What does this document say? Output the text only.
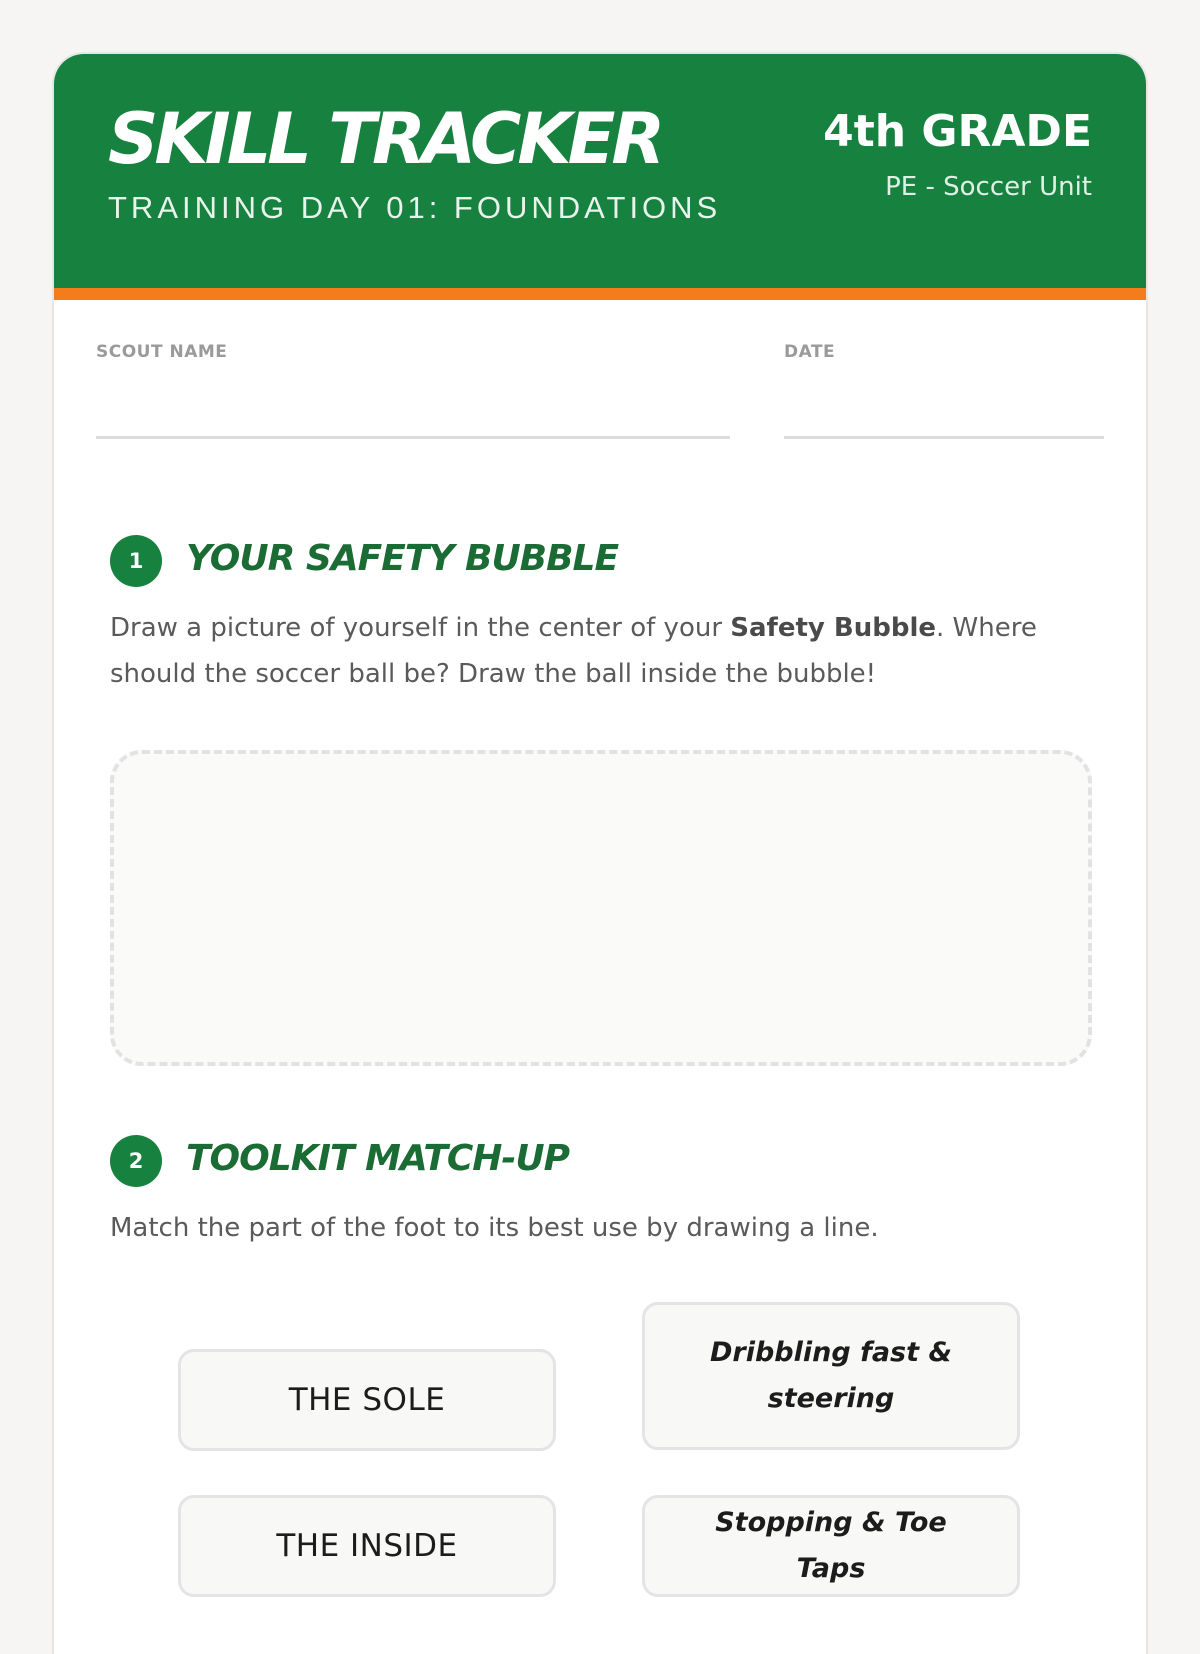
SKILL TRACKER
TRAINING DAY 01: FOUNDATIONS
4th GRADE
PE - Soccer Unit
SCOUT NAME	DATE
1	YOUR SAFETY BUBBLE
Draw a picture of yourself in the center of your Safety Bubble. Where should the soccer ball be? Draw the ball inside the bubble!
2	TOOLKIT MATCH-UP
Match the part of the foot to its best use by drawing a line.
THE SOLE
Dribbling fast & steering
THE INSIDE
Stopping & Toe Taps
